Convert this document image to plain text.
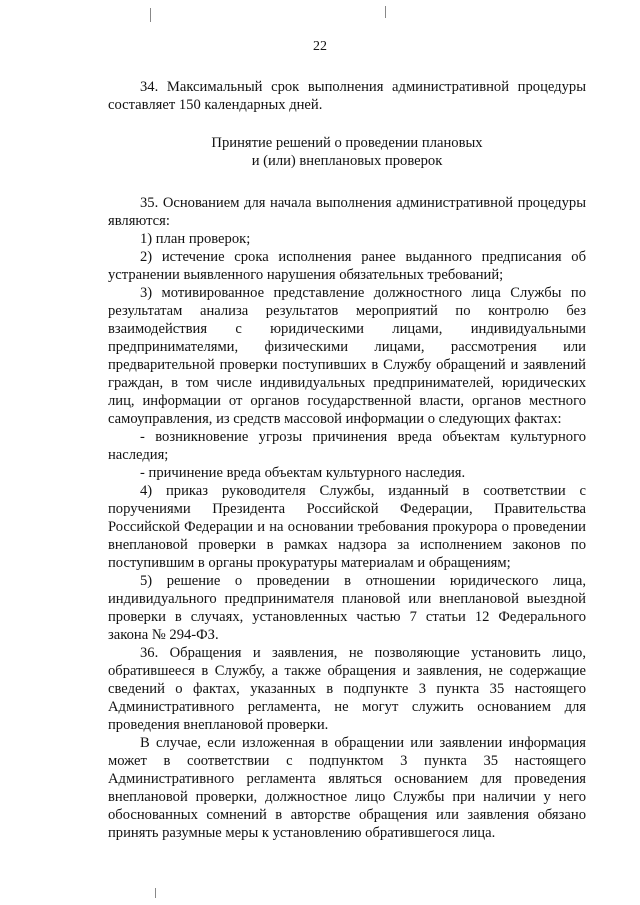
22

34. Максимальный срок выполнения административной процедуры составляет 150 календарных дней.

Принятие решений о проведении плановых

и (или) внеплановых проверок

35. Основанием для начала выполнения административной процедуры являются:

1) план проверок;

2) истечение срока исполнения ранее выданного предписания об устранении выявленного нарушения обязательных требований;

3) мотивированное представление должностного лица Службы по результатам анализа результатов мероприятий по контролю без взаимодействия с юридическими лицами, индивидуальными предпринимателями, физическими лицами, рассмотрения или предварительной проверки поступивших в Службу обращений и заявлений граждан, в том числе индивидуальных предпринимателей, юридических лиц, информации от органов государственной власти, органов местного самоуправления, из средств массовой информации о следующих фактах:

- возникновение угрозы причинения вреда объектам культурного наследия;

- причинение вреда объектам культурного наследия.

4) приказ руководителя Службы, изданный в соответствии с поручениями Президента Российской Федерации, Правительства Российской Федерации и на основании требования прокурора о проведении внеплановой проверки в рамках надзора за исполнением законов по поступившим в органы прокуратуры материалам и обращениям;

5) решение о проведении в отношении юридического лица, индивидуального предпринимателя плановой или внеплановой выездной проверки в случаях, установленных частью 7 статьи 12 Федерального закона № 294-ФЗ.

36. Обращения и заявления, не позволяющие установить лицо, обратившееся в Службу, а также обращения и заявления, не содержащие сведений о фактах, указанных в подпункте 3 пункта 35 настоящего Административного регламента, не могут служить основанием для проведения внеплановой проверки.

В случае, если изложенная в обращении или заявлении информация может в соответствии с подпунктом 3 пункта 35 настоящего Административного регламента являться основанием для проведения внеплановой проверки, должностное лицо Службы при наличии у него обоснованных сомнений в авторстве обращения или заявления обязано принять разумные меры к установлению обратившегося лица.
